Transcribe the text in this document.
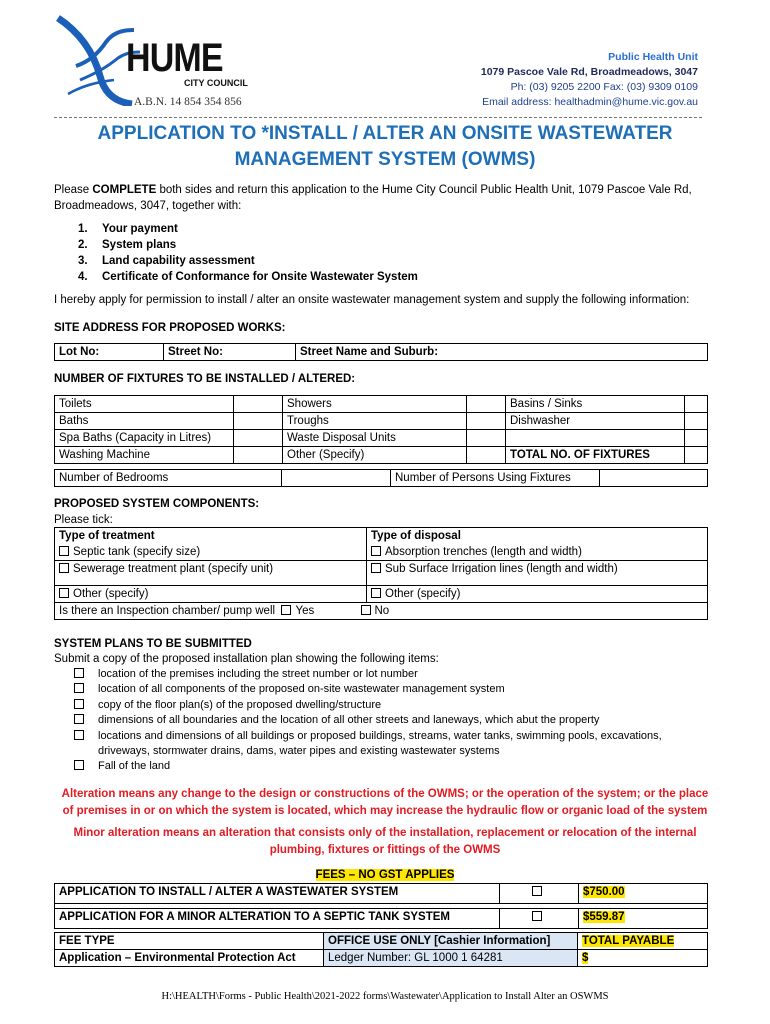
HUME
CITY COUNCIL
A.B.N. 14 854 354 856
Public Health Unit
1079 Pascoe Vale Rd, Broadmeadows, 3047
Ph: (03) 9205 2200 Fax: (03) 9309 0109
Email address: healthadmin@hume.vic.gov.au
APPLICATION TO *INSTALL / ALTER AN ONSITE WASTEWATER
MANAGEMENT SYSTEM (OWMS)
Please COMPLETE both sides and return this application to the Hume City Council Public Health Unit, 1079 Pascoe Vale Rd,
Broadmeadows, 3047, together with:
1. Your payment
2. System plans
3. Land capability assessment
4. Certificate of Conformance for Onsite Wastewater System
I hereby apply for permission to install / alter an onsite wastewater management system and supply the following information:
SITE ADDRESS FOR PROPOSED WORKS:
Lot No:	Street No:		Street Name and Suburb:	
NUMBER OF FIXTURES TO BE INSTALLED / ALTERED:
Toilets		Showers		Basins / Sinks	
Baths		Troughs		Dishwasher	
Spa Baths (Capacity in Litres)		Waste Disposal Units			
Washing Machine		Other (Specify)		TOTAL NO. OF FIXTURES	
Number of Bedrooms		Number of Persons Using Fixtures	
PROPOSED SYSTEM COMPONENTS:
Please tick:
Type of treatment	Type of disposal
Septic tank (specify size)	Absorption trenches (length and width)
Sewerage treatment plant (specify unit)	Sub Surface Irrigation lines (length and width)
Other (specify)	Other (specify)
Is there an Inspection chamber/ pump well Yes	No
SYSTEM PLANS TO BE SUBMITTED
Submit a copy of the proposed installation plan showing the following items:
location of the premises including the street number or lot number
location of all components of the proposed on-site wastewater management system
copy of the floor plan(s) of the proposed dwelling/structure
dimensions of all boundaries and the location of all other streets and laneways, which abut the property
locations and dimensions of all buildings or proposed buildings, streams, water tanks, swimming pools, excavations,
driveways, stormwater drains, dams, water pipes and existing wastewater systems
Fall of the land
Alteration means any change to the design or constructions of the OWMS; or the operation of the system; or the place
of premises in or on which the system is located, which may increase the hydraulic flow or organic load of the system
Minor alteration means an alteration that consists only of the installation, replacement or relocation of the internal
plumbing, fixtures or fittings of the OWMS
FEES – NO GST APPLIES
APPLICATION TO INSTALL / ALTER A WASTEWATER SYSTEM		$750.00

APPLICATION FOR A MINOR ALTERATION TO A SEPTIC TANK SYSTEM		$559.87
FEE TYPE	OFFICE USE ONLY [Cashier Information]	TOTAL PAYABLE
Application – Environmental Protection Act	Ledger Number: GL 1000 1 64281	$
H:\HEALTH\Forms - Public Health\2021-2022 forms\Wastewater\Application to Install Alter an OSWMS
